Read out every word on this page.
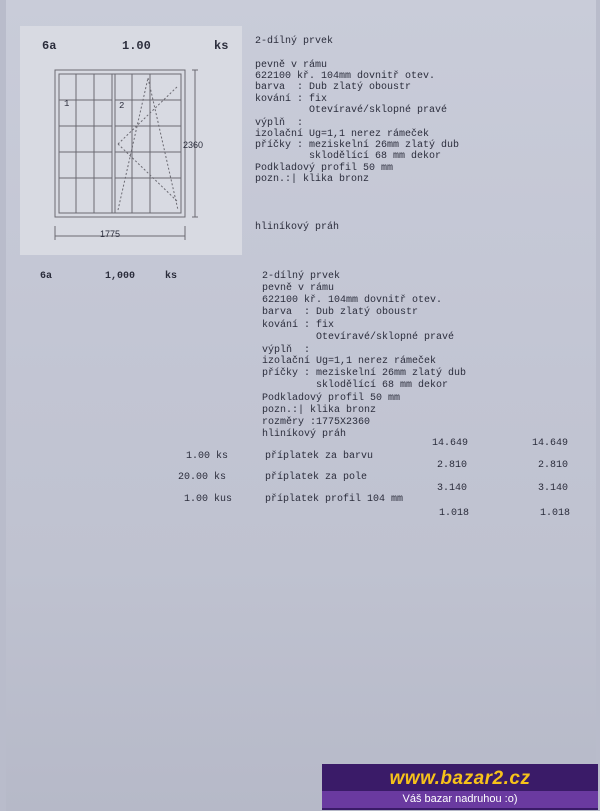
6a	1.00	ks
1	2
2360
1775
2-dílný prvek
pevně v rámu
622100 kř. 104mm dovnitř otev.
barva  : Dub zlatý oboustr
kování : fix
Otevíravé/sklopné pravé
výplň  :
izolační Ug=1,1 nerez rámeček
příčky : meziskelní 26mm zlatý dub
sklodělící 68 mm dekor
Podkladový profil 50 mm
pozn.:| klika bronz
hliníkový práh
6a	1,000	ks	2-dílný prvek
pevně v rámu
622100 kř. 104mm dovnitř otev.
barva  : Dub zlatý oboustr
kování : fix
Otevíravé/sklopné pravé
výplň  :
izolační Ug=1,1 nerez rámeček
příčky : meziskelní 26mm zlatý dub
sklodělící 68 mm dekor
Podkladový profil 50 mm
pozn.:| klika bronz
rozměry :1775X2360
hliníkový práh
14.649	14.649
1.00 ks	příplatek za barvu
2.810	2.810
20.00 ks	příplatek za pole
3.140	3.140
1.00 kus	příplatek profil 104 mm
1.018	1.018
www.bazar2.cz
Váš bazar nadruhou :o)
